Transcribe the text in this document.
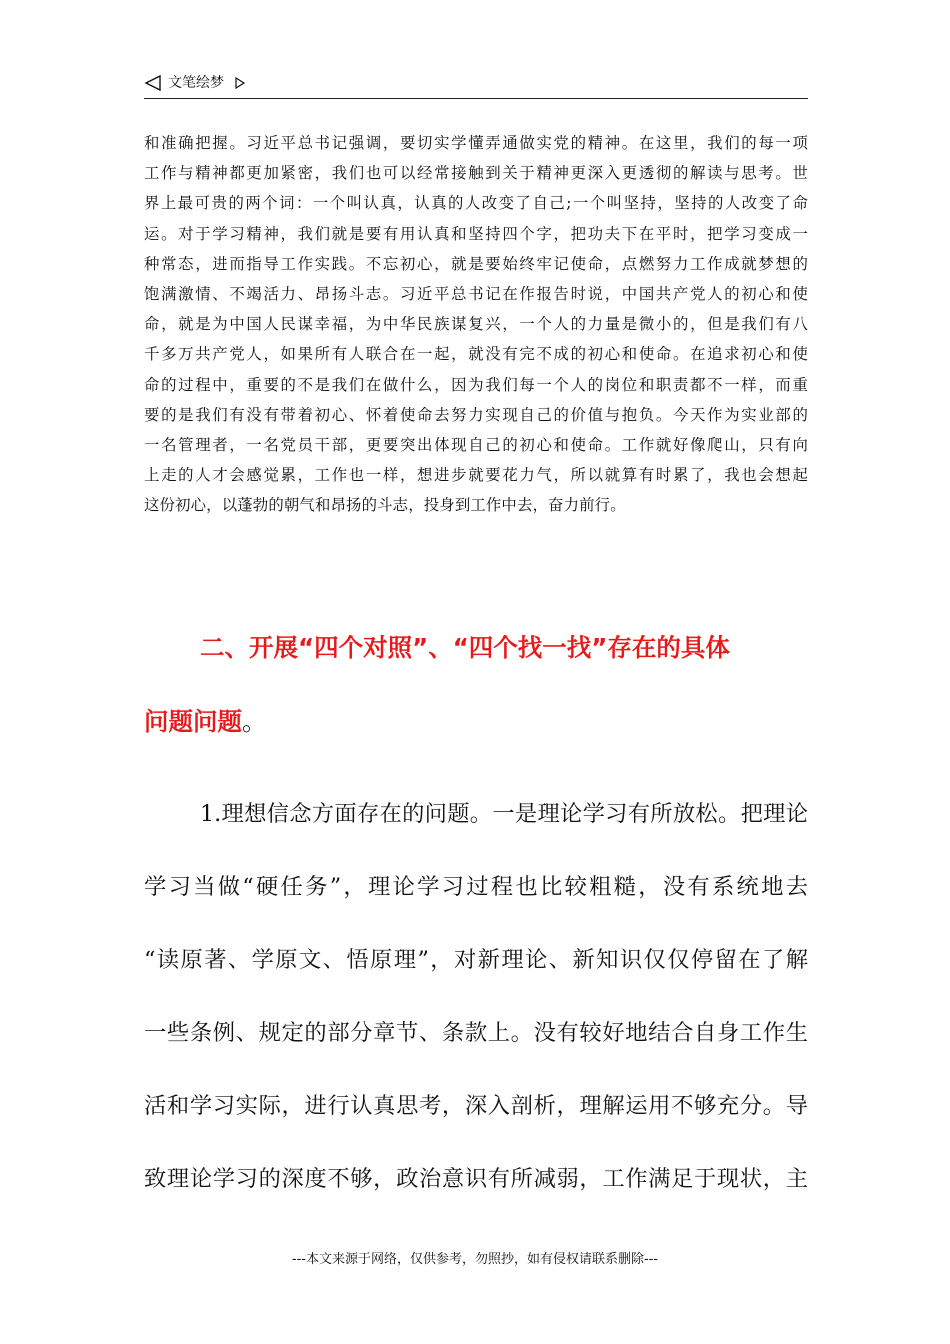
文笔绘梦
和准确把握。习近平总书记强调，要切实学懂弄通做实党的精神。在这里，我们的每一项
工作与精神都更加紧密，我们也可以经常接触到关于精神更深入更透彻的解读与思考。世
界上最可贵的两个词：一个叫认真，认真的人改变了自己;一个叫坚持，坚持的人改变了命
运。对于学习精神，我们就是要有用认真和坚持四个字，把功夫下在平时，把学习变成一
种常态，进而指导工作实践。不忘初心，就是要始终牢记使命，点燃努力工作成就梦想的
饱满激情、不竭活力、昂扬斗志。习近平总书记在作报告时说，中国共产党人的初心和使
命，就是为中国人民谋幸福，为中华民族谋复兴，一个人的力量是微小的，但是我们有八
千多万共产党人，如果所有人联合在一起，就没有完不成的初心和使命。在追求初心和使
命的过程中，重要的不是我们在做什么，因为我们每一个人的岗位和职责都不一样，而重
要的是我们有没有带着初心、怀着使命去努力实现自己的价值与抱负。今天作为实业部的
一名管理者，一名党员干部，更要突出体现自己的初心和使命。工作就好像爬山，只有向
上走的人才会感觉累，工作也一样，想进步就要花力气，所以就算有时累了，我也会想起
这份初心，以蓬勃的朝气和昂扬的斗志，投身到工作中去，奋力前行。
二、开展“四个对照”、“四个找一找”存在的具体
问题问题。
1.理想信念方面存在的问题。一是理论学习有所放松。把理论
学习当做“硬任务”，理论学习过程也比较粗糙，没有系统地去
“读原著、学原文、悟原理”，对新理论、新知识仅仅停留在了解
一些条例、规定的部分章节、条款上。没有较好地结合自身工作生
活和学习实际，进行认真思考，深入剖析，理解运用不够充分。导
致理论学习的深度不够，政治意识有所减弱，工作满足于现状，主
---本文来源于网络，仅供参考，勿照抄，如有侵权请联系删除---
